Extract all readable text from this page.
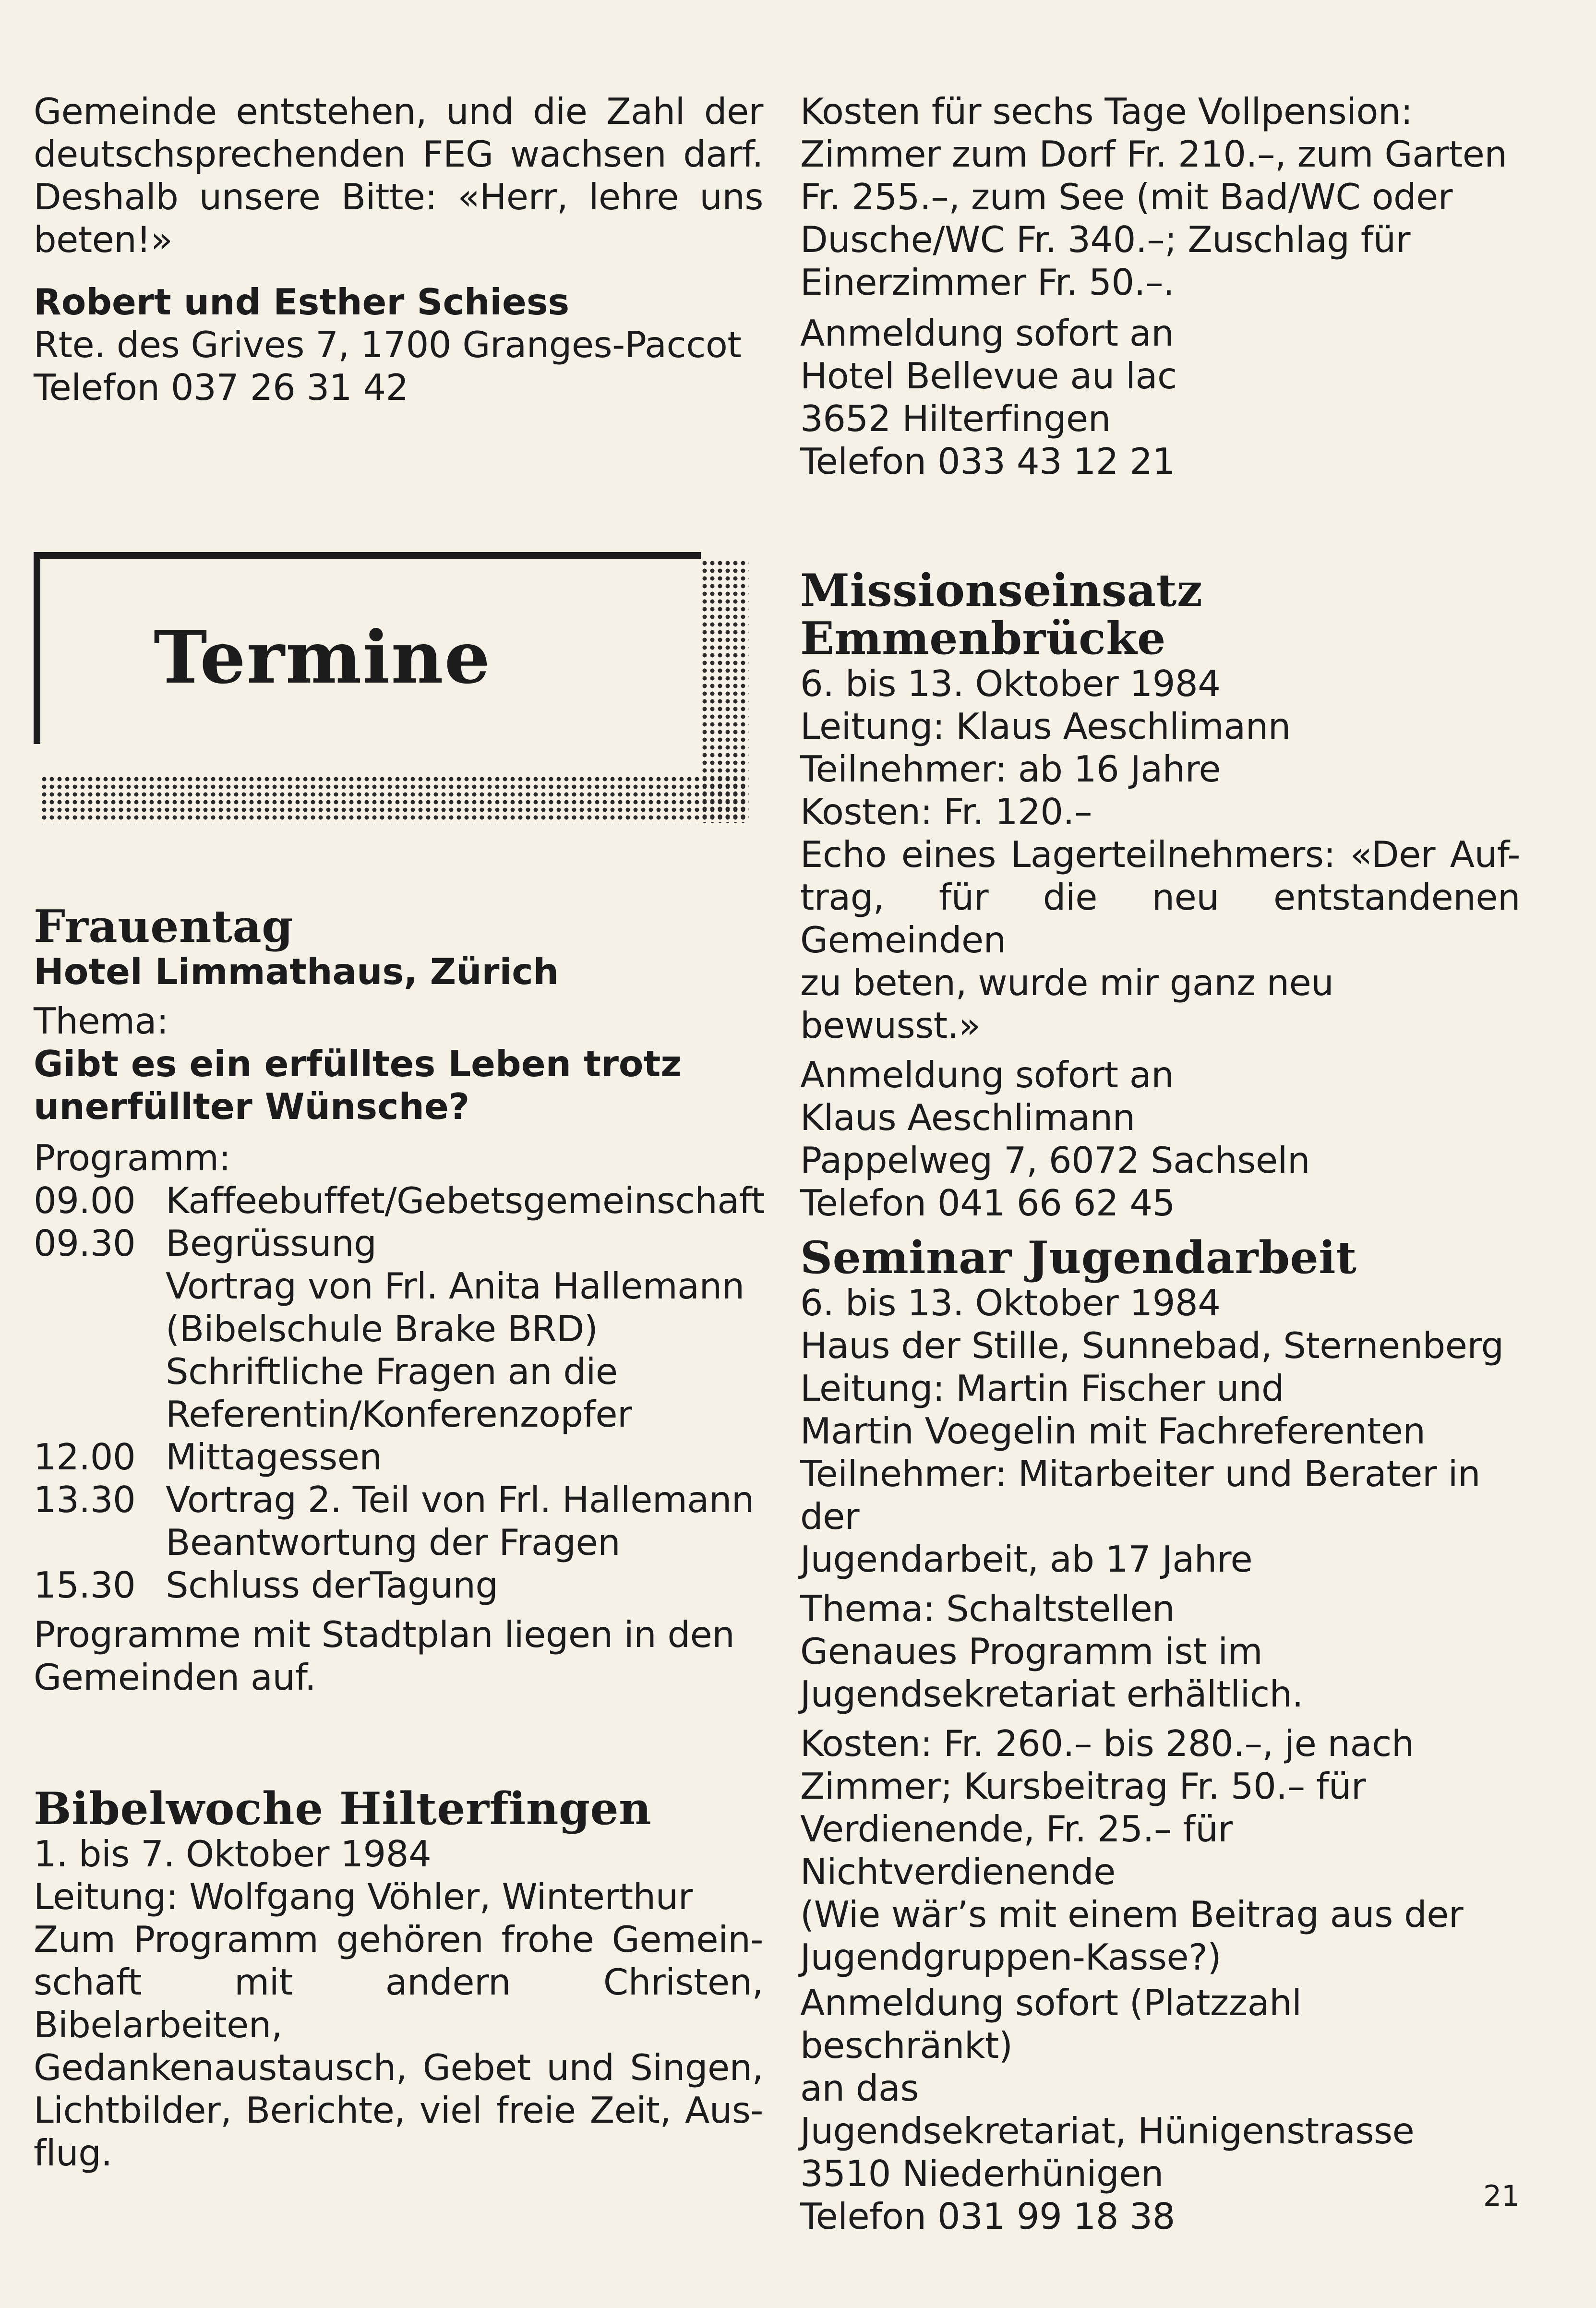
Gemeinde entstehen, und die Zahl der

deutschsprechenden FEG wachsen darf.

Deshalb unsere Bitte: «Herr, lehre uns

beten!»

Robert und Esther Schiess

Rte. des Grives 7, 1700 Granges-Paccot

Telefon 037 26 31 42

Frauentag

Hotel Limmathaus, Zürich

Thema:

Gibt es ein erfülltes Leben trotz

unerfüllter Wünsche?

Programm:

09.00 Kaffeebuffet/Gebetsgemeinschaft
09.30 Begrüssung
Vortrag von Frl. Anita Hallemann
(Bibelschule Brake BRD)
Schriftliche Fragen an die
Referentin/Konferenzopfer
12.00 Mittagessen
13.30 Vortrag 2. Teil von Frl. Hallemann
Beantwortung der Fragen
15.30 Schluss derTagung

Programme mit Stadtplan liegen in den

Gemeinden auf.

Bibelwoche Hilterfingen

1. bis 7. Oktober 1984

Leitung: Wolfgang Vöhler, Winterthur

Zum Programm gehören frohe Gemein-

schaft mit andern Christen, Bibelarbeiten,

Gedankenaustausch, Gebet und Singen,

Lichtbilder, Berichte, viel freie Zeit, Aus-

flug.

Termine

Kosten für sechs Tage Vollpension:

Zimmer zum Dorf Fr. 210.–, zum Garten

Fr. 255.–, zum See (mit Bad/WC oder

Dusche/WC Fr. 340.–; Zuschlag für

Einerzimmer Fr. 50.–.

Anmeldung sofort an

Hotel Bellevue au lac

3652 Hilterfingen

Telefon 033 43 12 21

Missionseinsatz

Emmenbrücke

6. bis 13. Oktober 1984

Leitung: Klaus Aeschlimann

Teilnehmer: ab 16 Jahre

Kosten: Fr. 120.–

Echo eines Lagerteilnehmers: «Der Auf-

trag, für die neu entstandenen Gemeinden

zu beten, wurde mir ganz neu bewusst.»

Anmeldung sofort an

Klaus Aeschlimann

Pappelweg 7, 6072 Sachseln

Telefon 041 66 62 45

Seminar Jugendarbeit

6. bis 13. Oktober 1984

Haus der Stille, Sunnebad, Sternenberg

Leitung: Martin Fischer und

Martin Voegelin mit Fachreferenten

Teilnehmer: Mitarbeiter und Berater in der

Jugendarbeit, ab 17 Jahre

Thema: Schaltstellen

Genaues Programm ist im

Jugendsekretariat erhältlich.

Kosten: Fr. 260.– bis 280.–, je nach

Zimmer; Kursbeitrag Fr. 50.– für

Verdienende, Fr. 25.– für Nichtverdienende

(Wie wär’s mit einem Beitrag aus der

Jugendgruppen-Kasse?)

Anmeldung sofort (Platzzahl beschränkt)

an das

Jugendsekretariat, Hünigenstrasse

3510 Niederhünigen

Telefon 031 99 18 38	21
